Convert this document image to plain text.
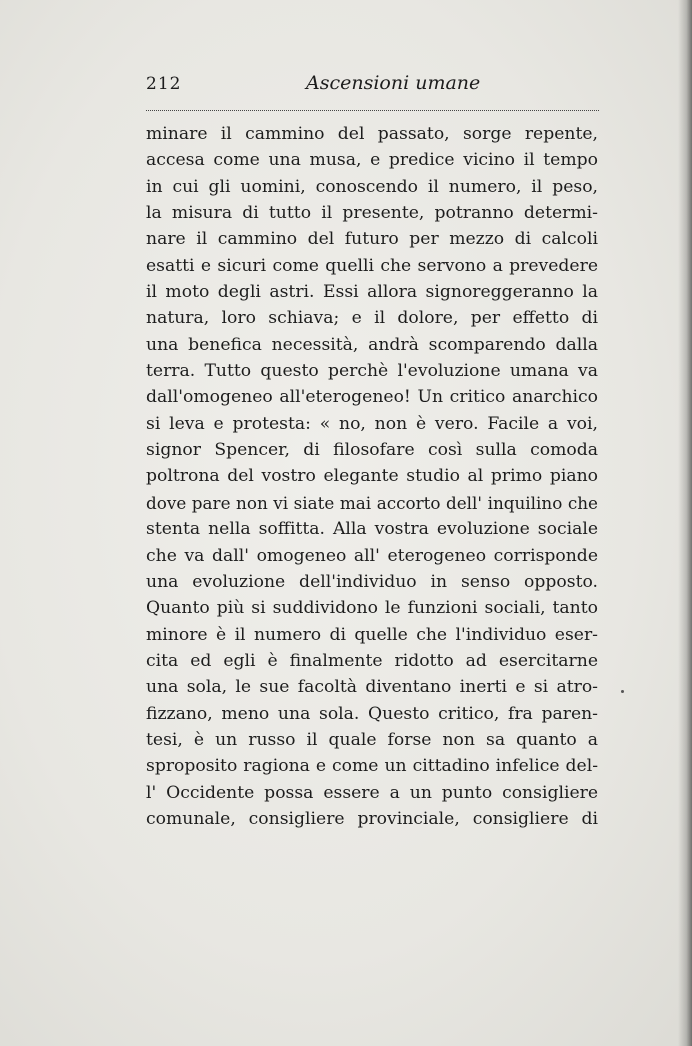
212	Ascensioni umane
minare il cammino del passato, sorge repente,
accesa come una musa, e predice vicino il tempo
in cui gli uomini, conoscendo il numero, il peso,
la misura di tutto il presente, potranno determi-
nare il cammino del futuro per mezzo di calcoli
esatti e sicuri come quelli che servono a prevedere
il moto degli astri. Essi allora signoreggeranno la
natura, loro schiava; e il dolore, per effetto di
una benefica necessità, andrà scomparendo dalla
terra. Tutto questo perchè l'evoluzione umana va
dall'omogeneo all'eterogeneo! Un critico anarchico
si leva e protesta: « no, non è vero. Facile a voi,
signor Spencer, di filosofare così sulla comoda
poltrona del vostro elegante studio al primo piano
dove pare non vi siate mai accorto dell' inquilino che
stenta nella soffitta. Alla vostra evoluzione sociale
che va dall' omogeneo all' eterogeneo corrisponde
una evoluzione dell'individuo in senso opposto.
Quanto più si suddividono le funzioni sociali, tanto
minore è il numero di quelle che l'individuo eser-
cita ed egli è finalmente ridotto ad esercitarne
una sola, le sue facoltà diventano inerti e si atro-
fizzano, meno una sola. Questo critico, fra paren-
tesi, è un russo il quale forse non sa quanto a
sproposito ragiona e come un cittadino infelice del-
l' Occidente possa essere a un punto consigliere
comunale, consigliere provinciale, consigliere di
